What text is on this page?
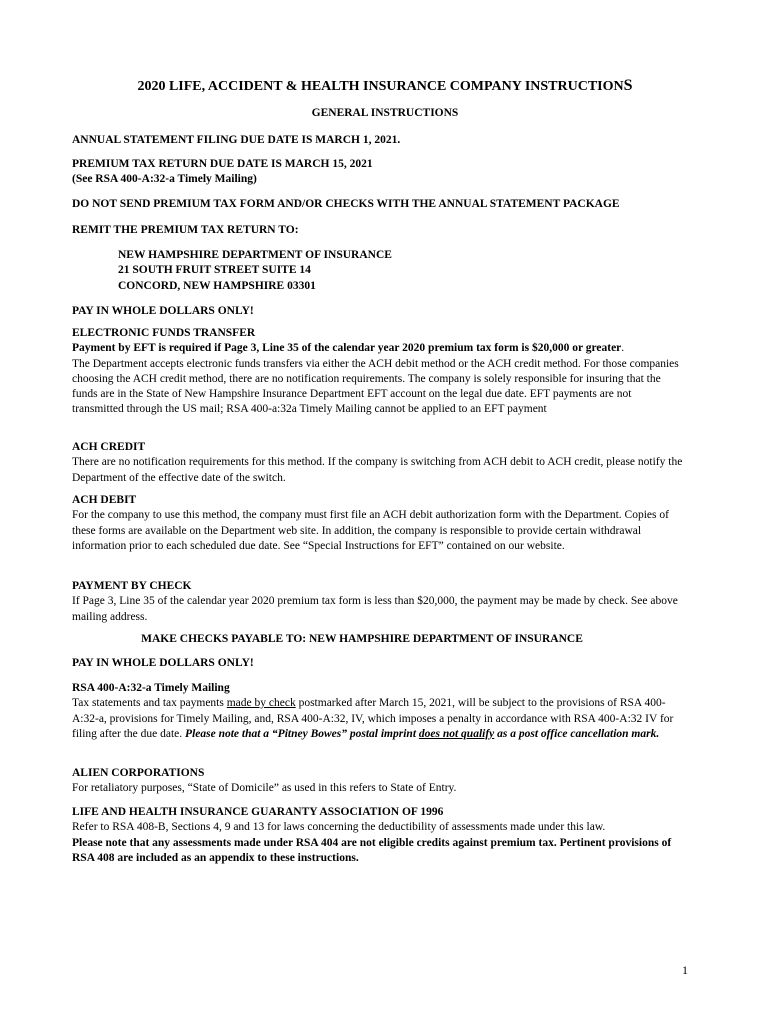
2020 LIFE, ACCIDENT & HEALTH INSURANCE COMPANY INSTRUCTIONS
GENERAL INSTRUCTIONS
ANNUAL STATEMENT FILING DUE DATE IS MARCH 1, 2021.
PREMIUM TAX RETURN DUE DATE IS MARCH 15, 2021
(See RSA 400-A:32-a Timely Mailing)
DO NOT SEND PREMIUM TAX FORM AND/OR CHECKS WITH THE ANNUAL STATEMENT PACKAGE
REMIT THE PREMIUM TAX RETURN TO:
NEW HAMPSHIRE DEPARTMENT OF INSURANCE
21 SOUTH FRUIT STREET SUITE 14
CONCORD, NEW HAMPSHIRE 03301
PAY IN WHOLE DOLLARS ONLY!
ELECTRONIC FUNDS TRANSFER
Payment by EFT is required if Page 3, Line 35 of the calendar year 2020 premium tax form is $20,000 or greater.
The Department accepts electronic funds transfers via either the ACH debit method or the ACH credit method. For those companies choosing the ACH credit method, there are no notification requirements. The company is solely responsible for insuring that the funds are in the State of New Hampshire Insurance Department EFT account on the legal due date. EFT payments are not transmitted through the US mail; RSA 400-a:32a Timely Mailing cannot be applied to an EFT payment
ACH CREDIT
There are no notification requirements for this method. If the company is switching from ACH debit to ACH credit, please notify the Department of the effective date of the switch.
ACH DEBIT
For the company to use this method, the company must first file an ACH debit authorization form with the Department. Copies of these forms are available on the Department web site. In addition, the company is responsible to provide certain withdrawal information prior to each scheduled due date. See “Special Instructions for EFT” contained on our website.
PAYMENT BY CHECK
If Page 3, Line 35 of the calendar year 2020 premium tax form is less than $20,000, the payment may be made by check. See above mailing address.
MAKE CHECKS PAYABLE TO: NEW HAMPSHIRE DEPARTMENT OF INSURANCE
PAY IN WHOLE DOLLARS ONLY!
RSA 400-A:32-a Timely Mailing
Tax statements and tax payments made by check postmarked after March 15, 2021, will be subject to the provisions of RSA 400-A:32-a, provisions for Timely Mailing, and, RSA 400-A:32, IV, which imposes a penalty in accordance with RSA 400-A:32 IV for filing after the due date. Please note that a “Pitney Bowes” postal imprint does not qualify as a post office cancellation mark.
ALIEN CORPORATIONS
For retaliatory purposes, “State of Domicile” as used in this refers to State of Entry.
LIFE AND HEALTH INSURANCE GUARANTY ASSOCIATION OF 1996
Refer to RSA 408-B, Sections 4, 9 and 13 for laws concerning the deductibility of assessments made under this law.
Please note that any assessments made under RSA 404 are not eligible credits against premium tax. Pertinent provisions of RSA 408 are included as an appendix to these instructions.
1
